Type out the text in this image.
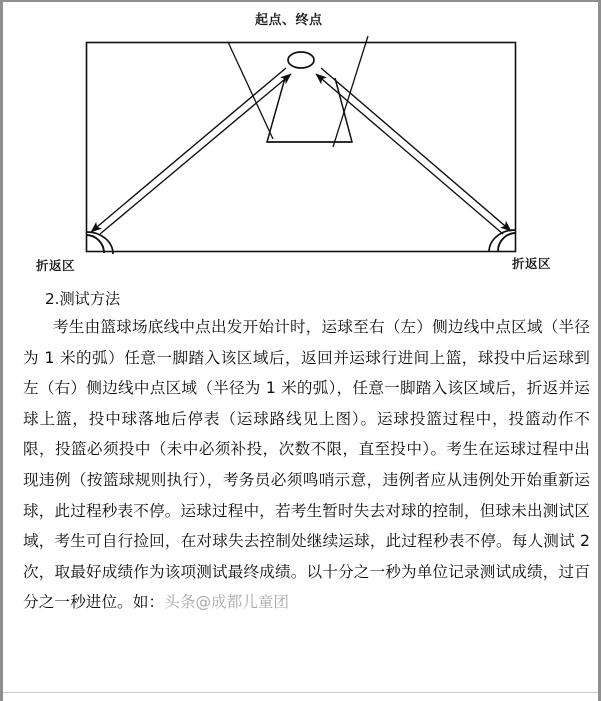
起点、终点
折返区	折返区
2.测试方法

考生由篮球场底线中点出发开始计时，运球至右（左）侧边线中点区域（半径为 1 米的弧）任意一脚踏入该区域后，返回并运球行进间上篮，球投中后运球到左（右）侧边线中点区域（半径为 1 米的弧），任意一脚踏入该区域后，折返并运球上篮，投中球落地后停表（运球路线见上图）。运球投篮过程中，投篮动作不限，投篮必须投中（未中必须补投，次数不限，直至投中）。考生在运球过程中出现违例（按篮球规则执行），考务员必须鸣哨示意，违例者应从违例处开始重新运球，此过程秒表不停。运球过程中，若考生暂时失去对球的控制，但球未出测试区域，考生可自行捡回，在对球失去控制处继续运球，此过程秒表不停。每人测试 2 次，取最好成绩作为该项测试最终成绩。以十分之一秒为单位记录测试成绩，过百分之一秒进位。如：头条@成都儿童团
